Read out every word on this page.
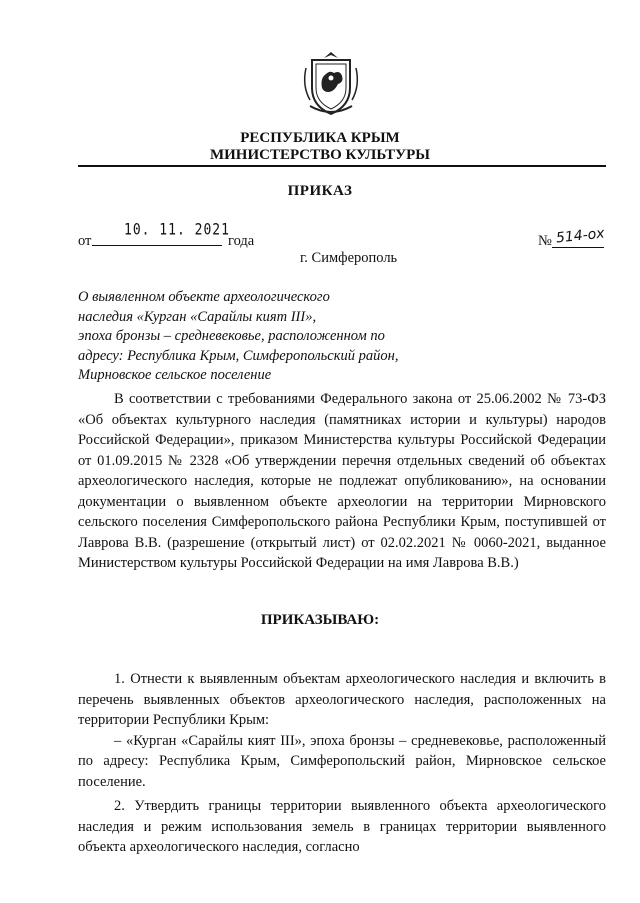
РЕСПУБЛИКА КРЫМ
МИНИСТЕРСТВО КУЛЬТУРЫ
ПРИКАЗ
от
10. 11. 2021
года	№ 514-ох
г. Симферополь
О выявленном объекте археологического
наследия «Курган «Сарайлы кият III»,
эпоха бронзы – средневековье, расположенном по
адресу: Республика Крым, Симферопольский район,
Мирновское сельское поселение

В соответствии с требованиями Федерального закона от 25.06.2002 № 73-ФЗ «Об объектах культурного наследия (памятниках истории и культуры) народов Российской Федерации», приказом Министерства культуры Российской Федерации от 01.09.2015 № 2328 «Об утверждении перечня отдельных сведений об объектах археологического наследия, которые не подлежат опубликованию», на основании документации о выявленном объекте археологии на территории Мирновского сельского поселения Симферопольского района Республики Крым, поступившей от Лаврова В.В. (разрешение (открытый лист) от 02.02.2021 № 0060-2021, выданное Министерством культуры Российской Федерации на имя Лаврова В.В.)

ПРИКАЗЫВАЮ:

1. Отнести к выявленным объектам археологического наследия и включить в перечень выявленных объектов археологического наследия, расположенных на территории Республики Крым:

– «Курган «Сарайлы кият III», эпоха бронзы – средневековье, расположенный по адресу: Республика Крым, Симферопольский район, Мирновское сельское поселение.

2. Утвердить границы территории выявленного объекта археологического наследия и режим использования земель в границах территории выявленного объекта археологического наследия, согласно
